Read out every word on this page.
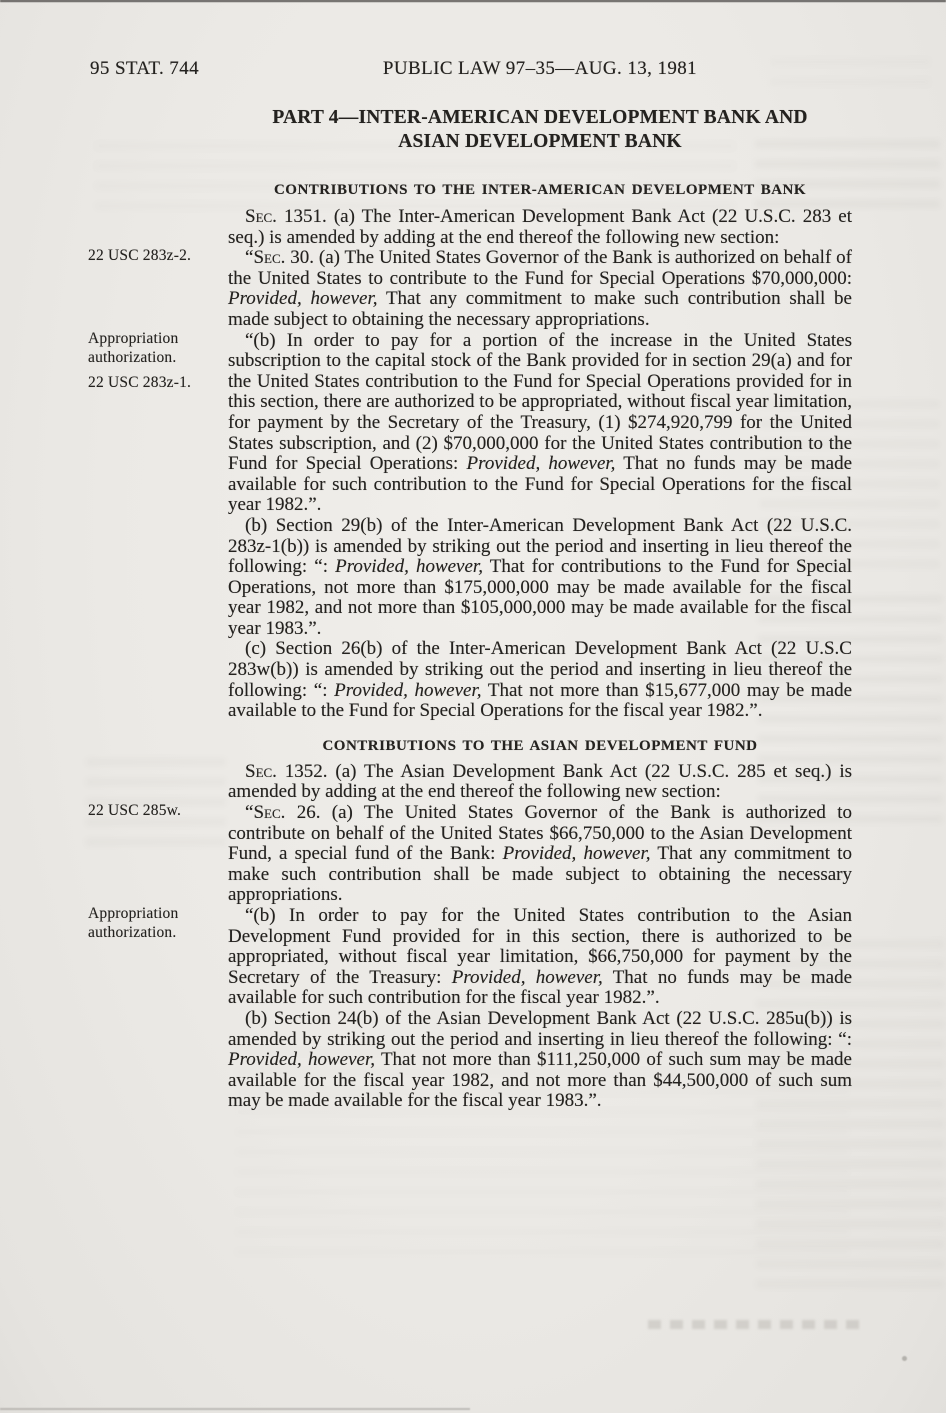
95 STAT. 744	PUBLIC LAW 97–35—AUG. 13, 1981
PART 4—INTER-AMERICAN DEVELOPMENT BANK AND ASIAN DEVELOPMENT BANK
CONTRIBUTIONS TO THE INTER-AMERICAN DEVELOPMENT BANK

Sec. 1351. (a) The Inter-American Development Bank Act (22 U.S.C. 283 et seq.) is amended by adding at the end thereof the following new section:

22 USC 283z-2.	“Sec. 30. (a) The United States Governor of the Bank is authorized on behalf of the United States to contribute to the Fund for Special Operations $70,000,000: Provided, however, That any commitment to make such contribution shall be made subject to obtaining the necessary appropriations.

Appropriation authorization.
22 USC 283z-1.
“(b) In order to pay for a portion of the increase in the United States subscription to the capital stock of the Bank provided for in section 29(a) and for the United States contribution to the Fund for Special Operations provided for in this section, there are authorized to be appropriated, without fiscal year limitation, for payment by the Secretary of the Treasury, (1) $274,920,799 for the United States subscription, and (2) $70,000,000 for the United States contribution to the Fund for Special Operations: Provided, however, That no funds may be made available for such contribution to the Fund for Special Operations for the fiscal year 1982.”.

(b) Section 29(b) of the Inter-American Development Bank Act (22 U.S.C. 283z-1(b)) is amended by striking out the period and inserting in lieu thereof the following: “: Provided, however, That for contributions to the Fund for Special Operations, not more than $175,000,000 may be made available for the fiscal year 1982, and not more than $105,000,000 may be made available for the fiscal year 1983.”.

(c) Section 26(b) of the Inter-American Development Bank Act (22 U.S.C 283w(b)) is amended by striking out the period and inserting in lieu thereof the following: “: Provided, however, That not more than $15,677,000 may be made available to the Fund for Special Operations for the fiscal year 1982.”.

CONTRIBUTIONS TO THE ASIAN DEVELOPMENT FUND

Sec. 1352. (a) The Asian Development Bank Act (22 U.S.C. 285 et seq.) is amended by adding at the end thereof the following new section:

22 USC 285w.	“Sec. 26. (a) The United States Governor of the Bank is authorized to contribute on behalf of the United States $66,750,000 to the Asian Development Fund, a special fund of the Bank: Provided, however, That any commitment to make such contribution shall be made subject to obtaining the necessary appropriations.

Appropriation authorization.
“(b) In order to pay for the United States contribution to the Asian Development Fund provided for in this section, there is authorized to be appropriated, without fiscal year limitation, $66,750,000 for payment by the Secretary of the Treasury: Provided, however, That no funds may be made available for such contribution for the fiscal year 1982.”.

(b) Section 24(b) of the Asian Development Bank Act (22 U.S.C. 285u(b)) is amended by striking out the period and inserting in lieu thereof the following: “: Provided, however, That not more than $111,250,000 of such sum may be made available for the fiscal year 1982, and not more than $44,500,000 of such sum may be made available for the fiscal year 1983.”.
